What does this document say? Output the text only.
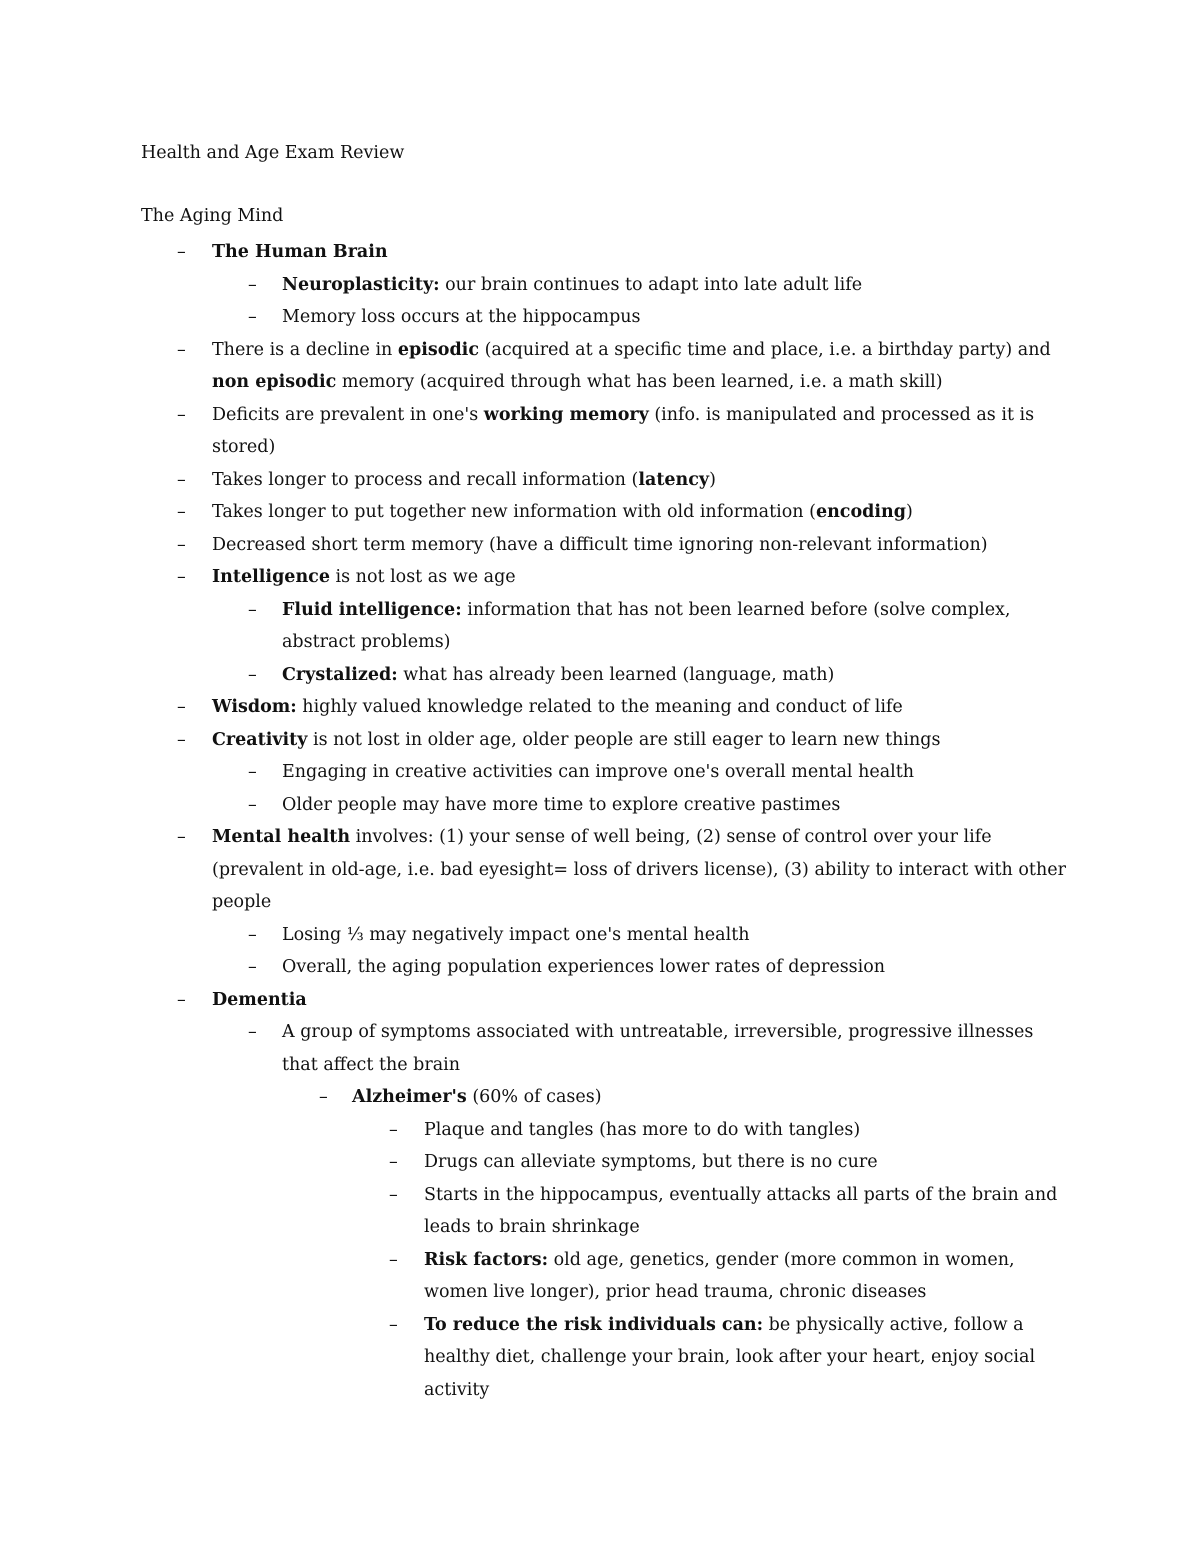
Health and Age Exam Review
The Aging Mind
– The Human Brain
– Neuroplasticity: our brain continues to adapt into late adult life
– Memory loss occurs at the hippocampus
– There is a decline in episodic (acquired at a specific time and place, i.e. a birthday party) and non episodic memory (acquired through what has been learned, i.e. a math skill)
– Deficits are prevalent in one's working memory (info. is manipulated and processed as it is stored)
– Takes longer to process and recall information (latency)
– Takes longer to put together new information with old information (encoding)
– Decreased short term memory (have a difficult time ignoring non-relevant information)
– Intelligence is not lost as we age
– Fluid intelligence: information that has not been learned before (solve complex, abstract problems)
– Crystalized: what has already been learned (language, math)
– Wisdom: highly valued knowledge related to the meaning and conduct of life
– Creativity is not lost in older age, older people are still eager to learn new things
– Engaging in creative activities can improve one's overall mental health
– Older people may have more time to explore creative pastimes
– Mental health involves: (1) your sense of well being, (2) sense of control over your life (prevalent in old-age, i.e. bad eyesight= loss of drivers license), (3) ability to interact with other people
– Losing ⅓ may negatively impact one's mental health
– Overall, the aging population experiences lower rates of depression
– Dementia
– A group of symptoms associated with untreatable, irreversible, progressive illnesses that affect the brain
– Alzheimer's (60% of cases)
– Plaque and tangles (has more to do with tangles)
– Drugs can alleviate symptoms, but there is no cure
– Starts in the hippocampus, eventually attacks all parts of the brain and leads to brain shrinkage
– Risk factors: old age, genetics, gender (more common in women, women live longer), prior head trauma, chronic diseases
– To reduce the risk individuals can: be physically active, follow a healthy diet, challenge your brain, look after your heart, enjoy social activity
